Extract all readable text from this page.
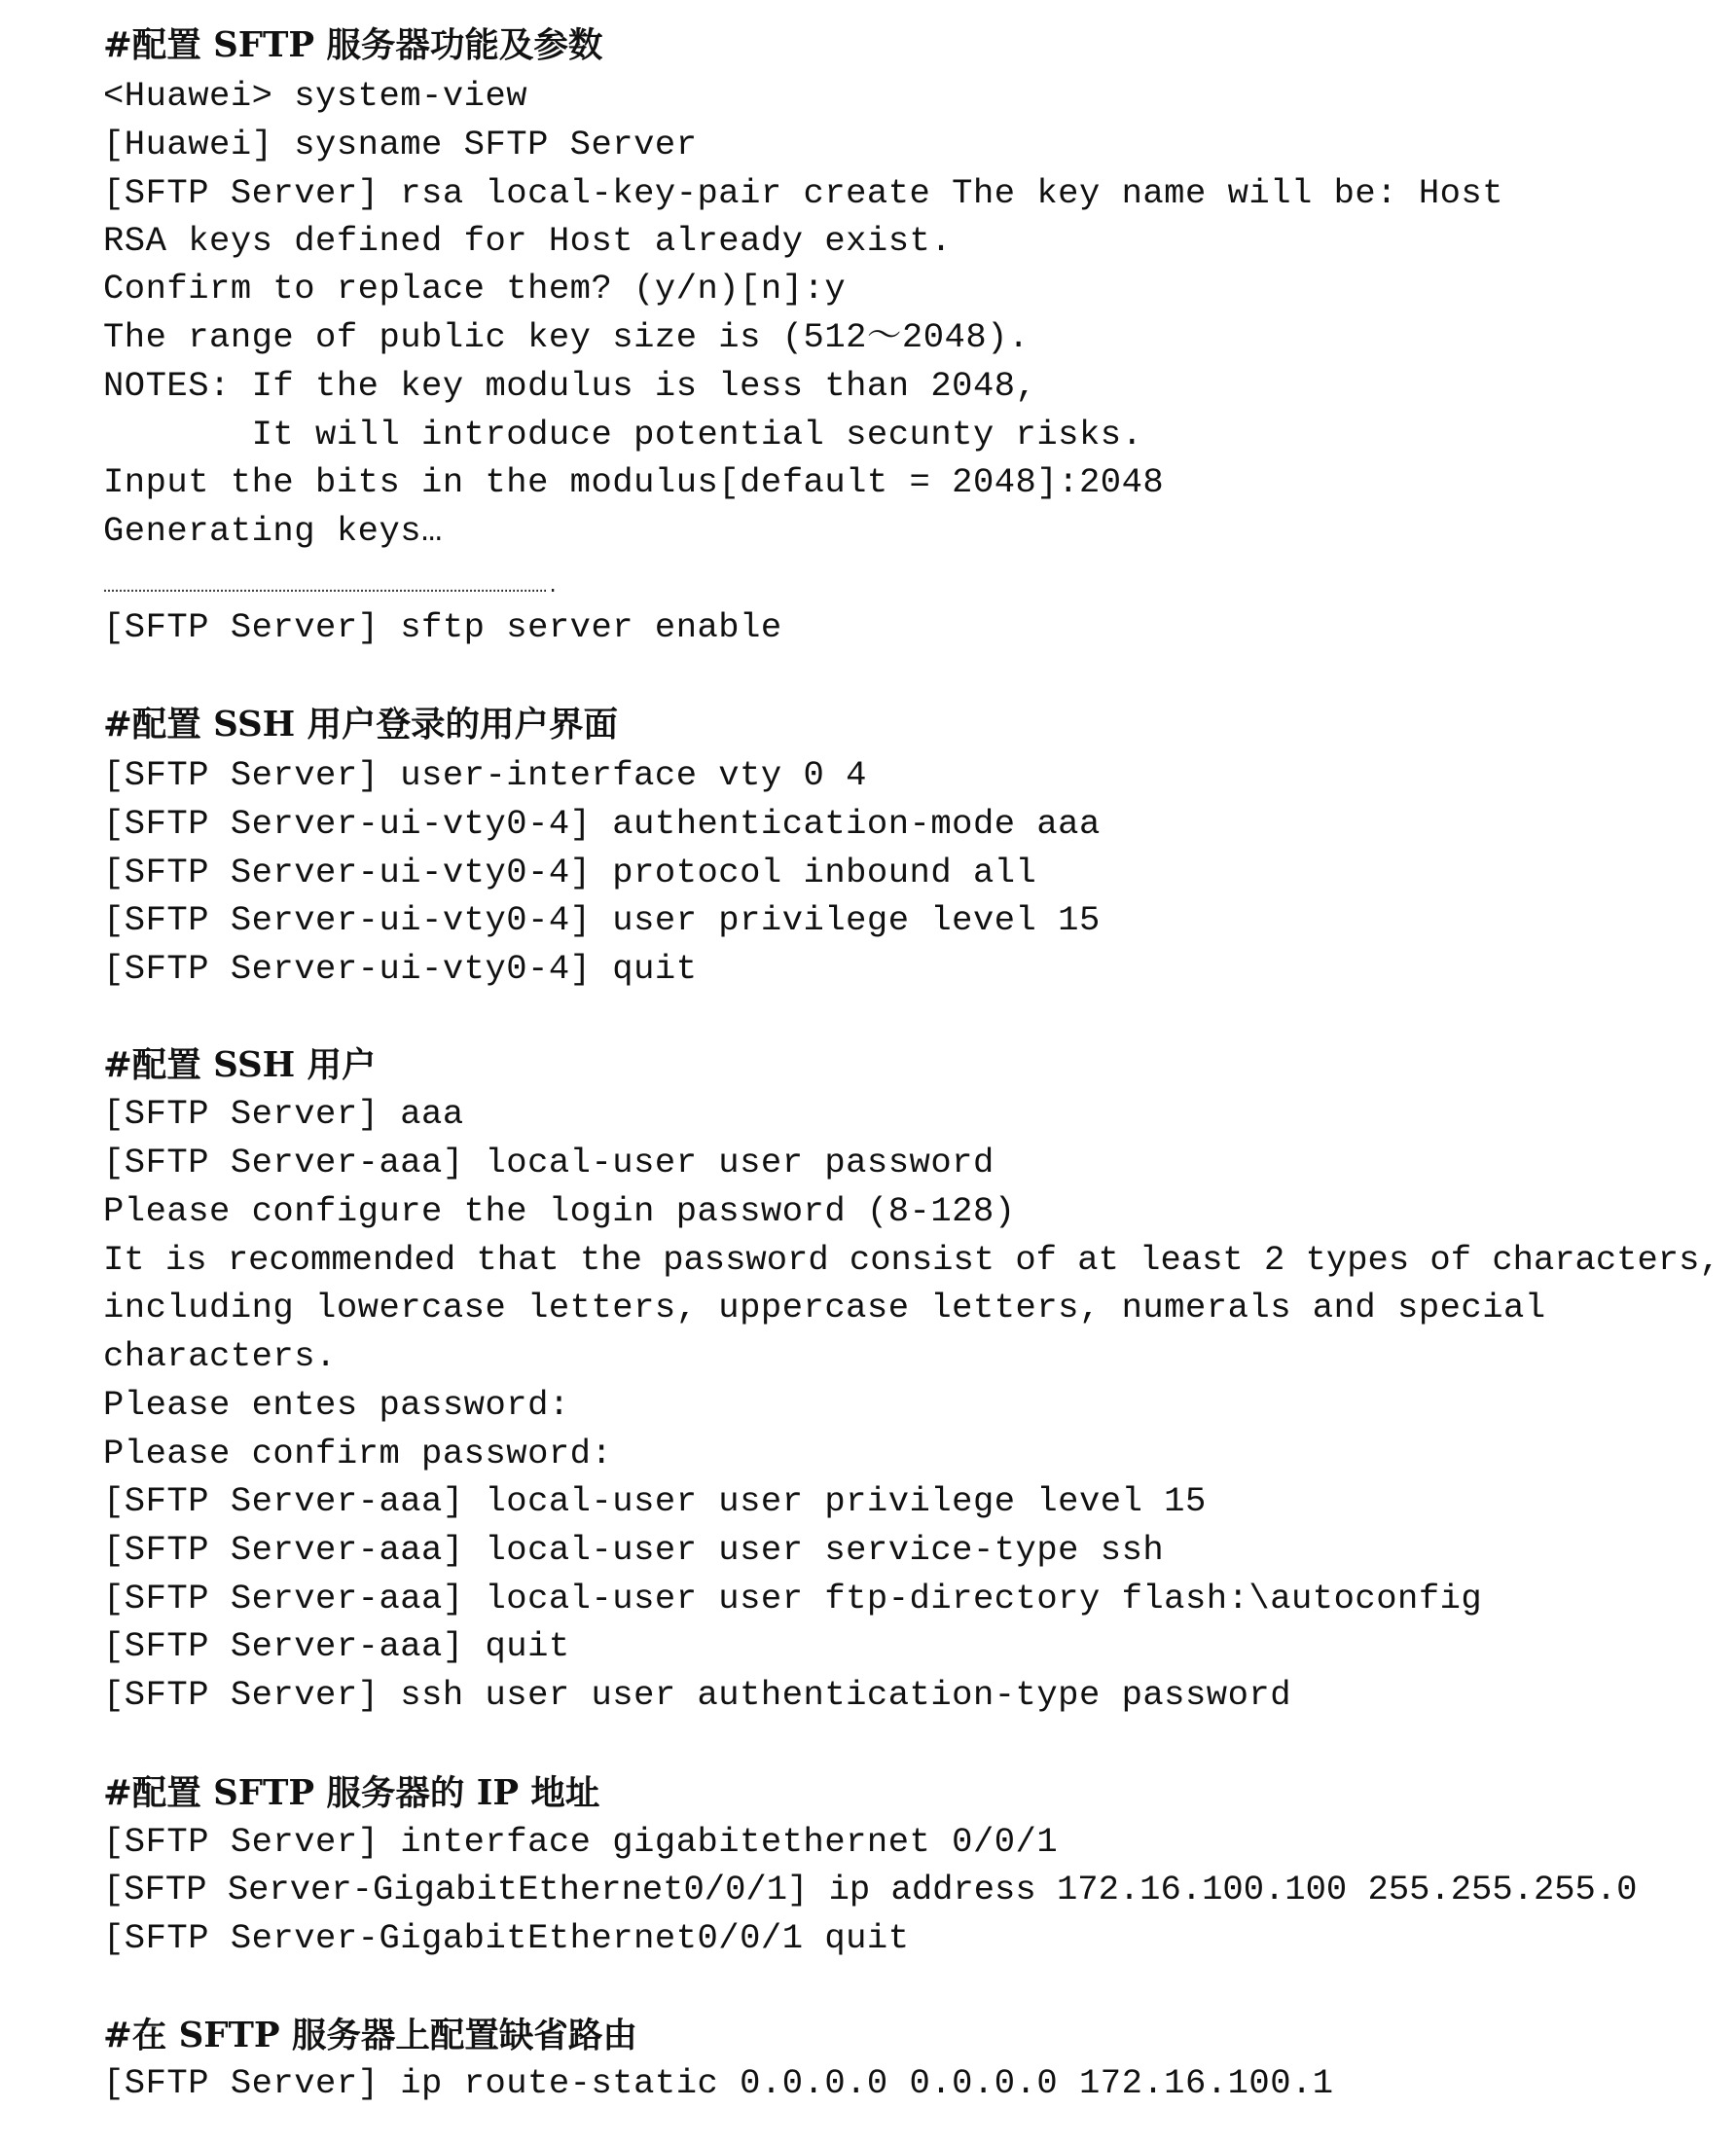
#配置 SFTP 服务器功能及参数
<Huawei> system-view
[Huawei] sysname SFTP Server
[SFTP Server] rsa local-key-pair create The key name will be: Host
RSA keys defined for Host already exist.
Confirm to replace them? (y/n)[n]:y
The range of public key size is (512～2048).
NOTES: If the key modulus is less than 2048,
It will introduce potential secunty risks.
Input the bits in the modulus[default = 2048]:2048
Generating keys…
…………………………………………………………………………………………………….
[SFTP Server] sftp server enable
#配置 SSH 用户登录的用户界面
[SFTP Server] user-interface vty 0 4
[SFTP Server-ui-vty0-4] authentication-mode aaa
[SFTP Server-ui-vty0-4] protocol inbound all
[SFTP Server-ui-vty0-4] user privilege level 15
[SFTP Server-ui-vty0-4] quit
#配置 SSH 用户
[SFTP Server] aaa
[SFTP Server-aaa] local-user user password
Please configure the login password (8-128)
It is recommended that the password consist of at least 2 types of characters,
including lowercase letters, uppercase letters, numerals and special
characters.
Please entes password:
Please confirm password:
[SFTP Server-aaa] local-user user privilege level 15
[SFTP Server-aaa] local-user user service-type ssh
[SFTP Server-aaa] local-user user ftp-directory flash:\autoconfig
[SFTP Server-aaa] quit
[SFTP Server] ssh user user authentication-type password
#配置 SFTP 服务器的 IP 地址
[SFTP Server] interface gigabitethernet 0/0/1
[SFTP Server-GigabitEthernet0/0/1] ip address 172.16.100.100 255.255.255.0
[SFTP Server-GigabitEthernet0/0/1 quit
#在 SFTP 服务器上配置缺省路由
[SFTP Server] ip route-static 0.0.0.0 0.0.0.0 172.16.100.1
